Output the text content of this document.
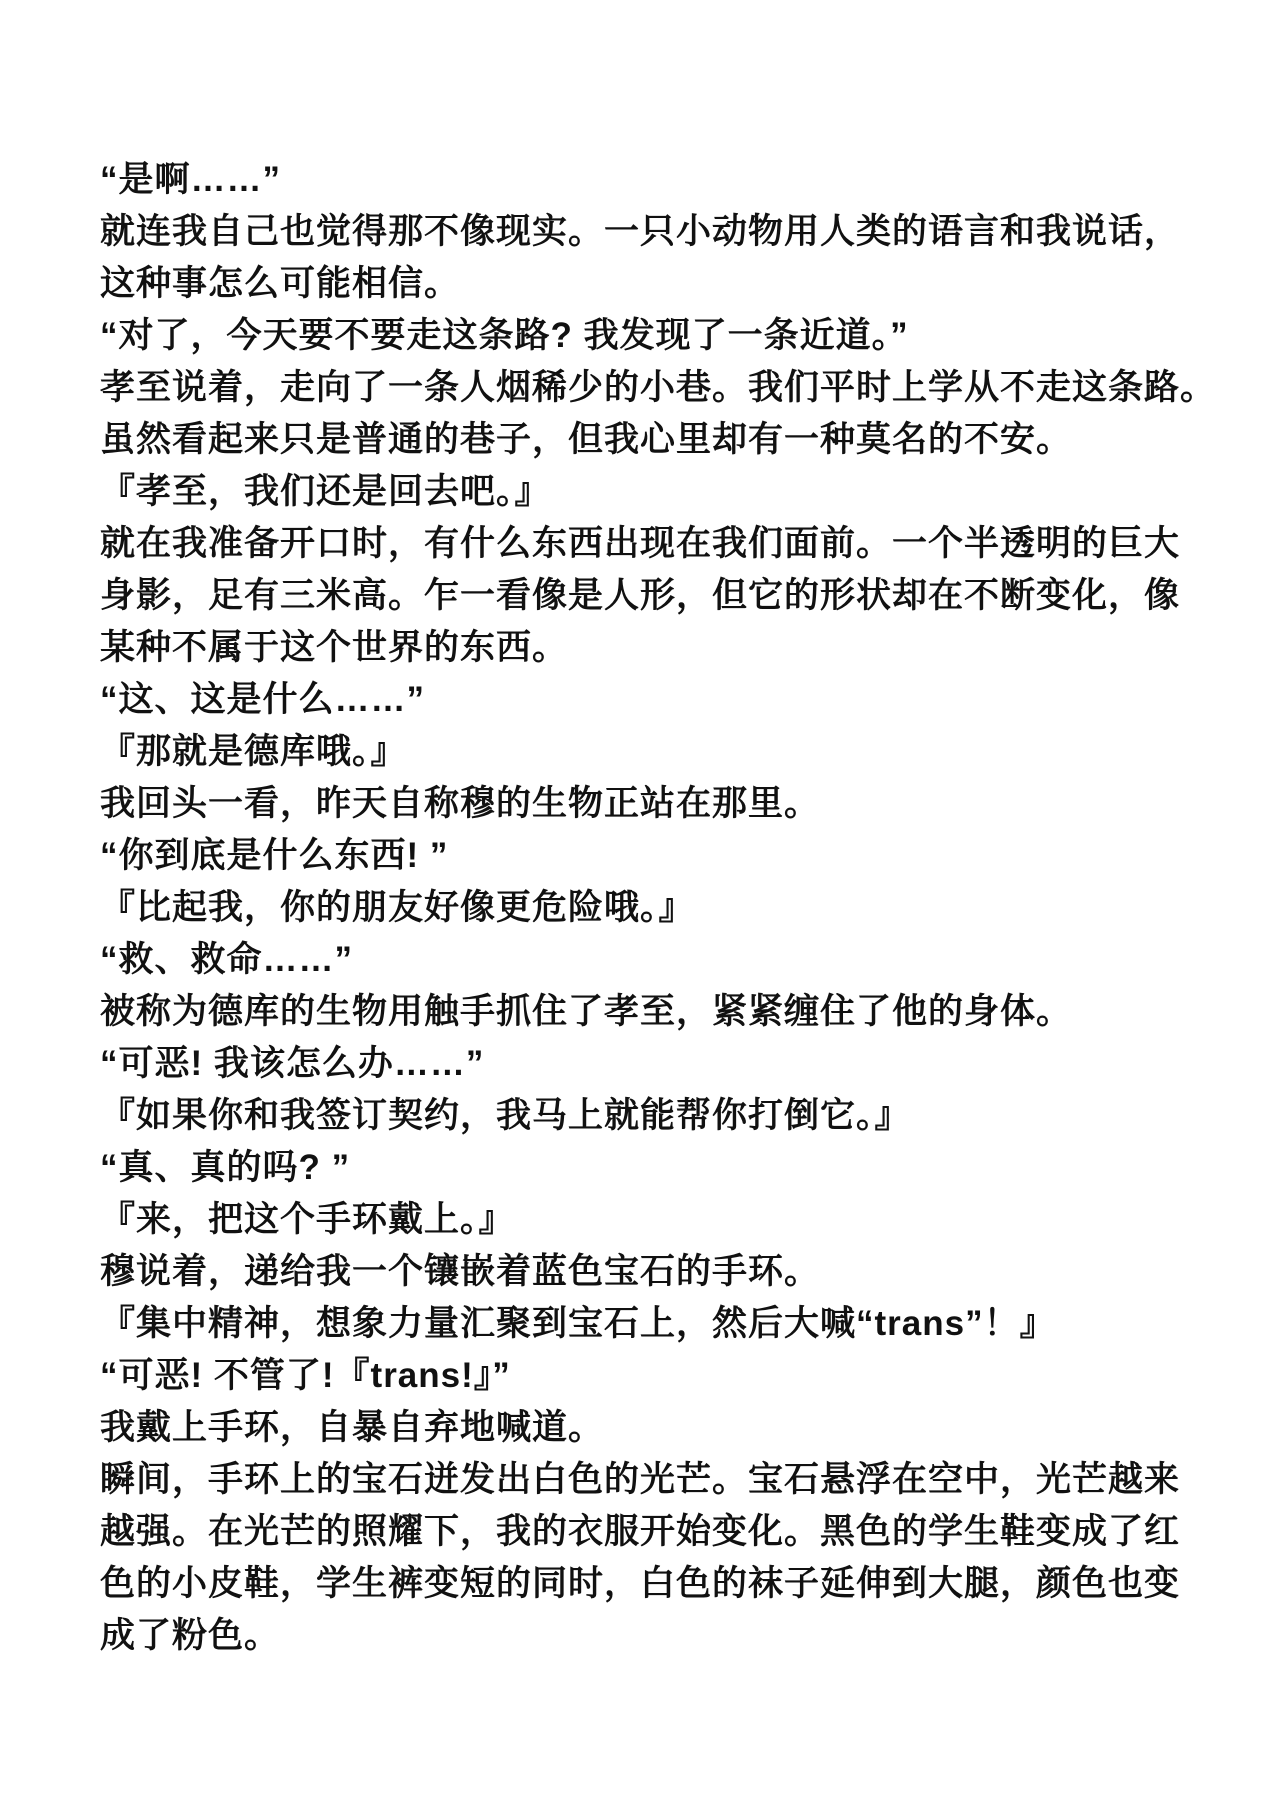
“是啊……”
就连我自己也觉得那不像现实。一只小动物用人类的语言和我说话，
这种事怎么可能相信。
“对了，今天要不要走这条路? 我发现了一条近道。”
孝至说着，走向了一条人烟稀少的小巷。我们平时上学从不走这条路。
虽然看起来只是普通的巷子，但我心里却有一种莫名的不安。
『孝至，我们还是回去吧。』
就在我准备开口时，有什么东西出现在我们面前。一个半透明的巨大
身影，足有三米高。乍一看像是人形，但它的形状却在不断变化，像
某种不属于这个世界的东西。
“这、这是什么……”
『那就是德库哦。』
我回头一看，昨天自称穆的生物正站在那里。
“你到底是什么东西! ”
『比起我，你的朋友好像更危险哦。』
“救、救命……”
被称为德库的生物用触手抓住了孝至，紧紧缠住了他的身体。
“可恶! 我该怎么办……”
『如果你和我签订契约，我马上就能帮你打倒它。』
“真、真的吗? ”
『来，把这个手环戴上。』
穆说着，递给我一个镶嵌着蓝色宝石的手环。
『集中精神，想象力量汇聚到宝石上，然后大喊“trans”！』
“可恶! 不管了!『trans!』”
我戴上手环，自暴自弃地喊道。
瞬间，手环上的宝石迸发出白色的光芒。宝石悬浮在空中，光芒越来
越强。在光芒的照耀下，我的衣服开始变化。黑色的学生鞋变成了红
色的小皮鞋，学生裤变短的同时，白色的袜子延伸到大腿，颜色也变
成了粉色。
